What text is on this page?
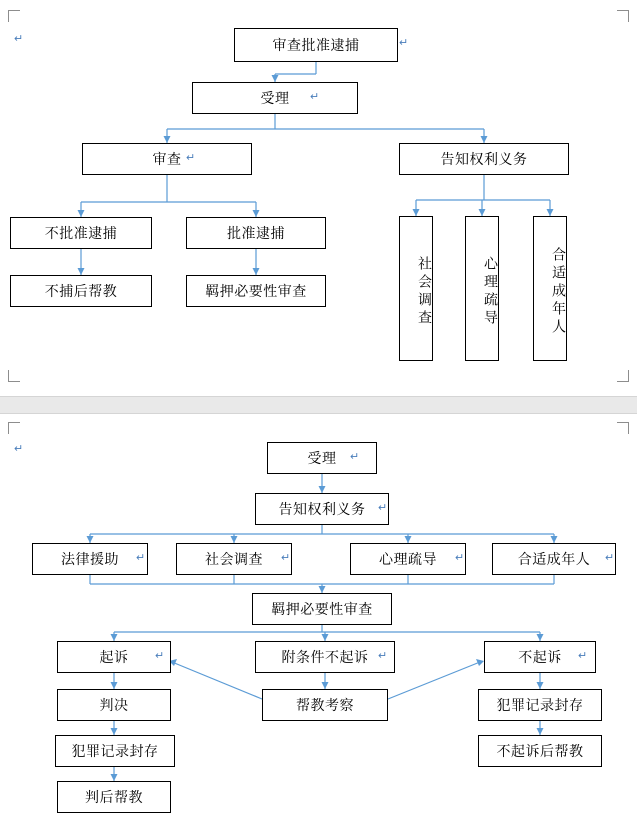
↵	审查批准逮捕
受理
审查	告知权利义务
不批准逮捕	批准逮捕
不捕后帮教	羁押必要性审查	社会调查	心理疏导	合适成年人
↵
↵
↵
↵
受理
告知权利义务
法律援助	社会调查	心理疏导	合适成年人
羁押必要性审查
起诉	附条件不起诉	不起诉
判决	帮教考察	犯罪记录封存
犯罪记录封存	不起诉后帮教
判后帮教
↵
↵
↵	↵	↵	↵
↵	↵	↵
